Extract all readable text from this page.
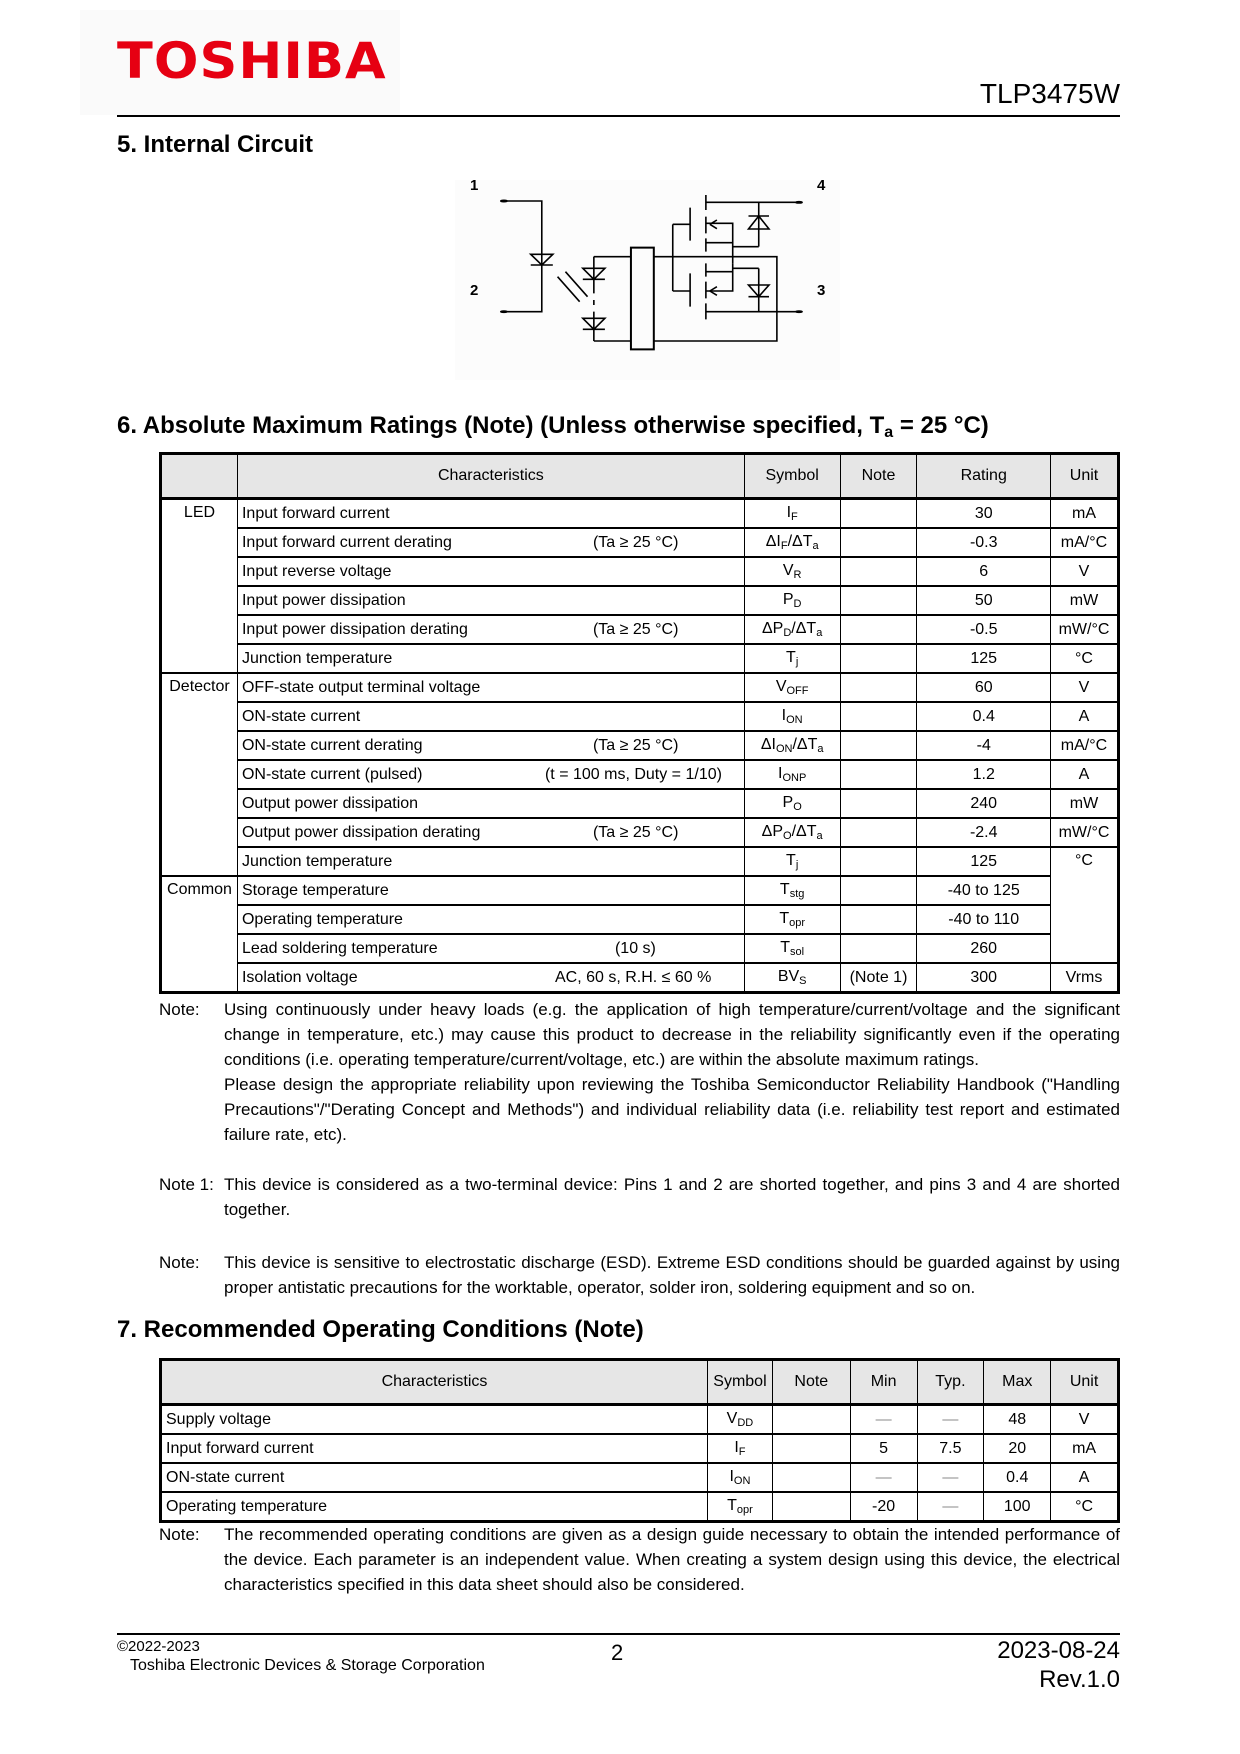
TOSHIBA
TLP3475W
5. Internal Circuit
1
2	3
4
6. Absolute Maximum Ratings (Note) (Unless otherwise specified, $T_a = 25$ °C)
	Characteristics	Symbol	Note	Rating	Unit
LED	Input forward current	$I_F$		30	mA
	Input forward current derating (Ta ≥ 25 °C)	$\Delta I_F/\Delta T_a$		-0.3	mA/°C
	Input reverse voltage	$V_R$		6	V
	Input power dissipation	$P_D$		50	mW
	Input power dissipation derating (Ta ≥ 25 °C)	$\Delta P_D/\Delta T_a$		-0.5	mW/°C
	Junction temperature	$T_j$		125	°C
Detector	OFF-state output terminal voltage	$V_{OFF}$		60	V
	ON-state current	$I_{ON}$		0.4	A
	ON-state current derating (Ta ≥ 25 °C)	$\Delta I_{ON}/\Delta T_a$		-4	mA/°C
	ON-state current (pulsed) (t = 100 ms, Duty = 1/10)	$I_{ONP}$		1.2	A
	Output power dissipation	$P_O$		240	mW
	Output power dissipation derating (Ta ≥ 25 °C)	$\Delta P_O/\Delta T_a$		-2.4	mW/°C
	Junction temperature	$T_j$		125	°C
Common	Storage temperature	$T_{stg}$		-40 to 125	
	Operating temperature	$T_{opr}$		-40 to 110	
	Lead soldering temperature (10 s)	$T_{sol}$		260	
	Isolation voltage AC, 60 s, R.H. ≤ 60 %	$BV_S$	(Note 1)	300	Vrms
Note: Using continuously under heavy loads (e.g. the application of high temperature/current/voltage and the significant change in temperature, etc.) may cause this product to decrease in the reliability significantly even if the operating conditions (i.e. operating temperature/current/voltage, etc.) are within the absolute maximum ratings.

Please design the appropriate reliability upon reviewing the Toshiba Semiconductor Reliability Handbook ("Handling Precautions"/"Derating Concept and Methods") and individual reliability data (i.e. reliability test report and estimated failure rate, etc).

Note 1: This device is considered as a two-terminal device: Pins 1 and 2 are shorted together, and pins 3 and 4 are shorted together.

Note: This device is sensitive to electrostatic discharge (ESD). Extreme ESD conditions should be guarded against by using proper antistatic precautions for the worktable, operator, solder iron, soldering equipment and so on.

7. Recommended Operating Conditions (Note)
Characteristics	Symbol	Note	Min	Typ.	Max	Unit
Supply voltage	$V_{DD}$		—	—	48	V
Input forward current	$I_F$		5	7.5	20	mA
ON-state current	$I_{ON}$		—	—	0.4	A
Operating temperature	$T_{opr}$		-20	—	100	°C
Note: The recommended operating conditions are given as a design guide necessary to obtain the intended performance of the device. Each parameter is an independent value. When creating a system design using this device, the electrical characteristics specified in this data sheet should also be considered.

©2022-2023
Toshiba Electronic Devices & Storage Corporation
2	2023-08-24
Rev.1.0
